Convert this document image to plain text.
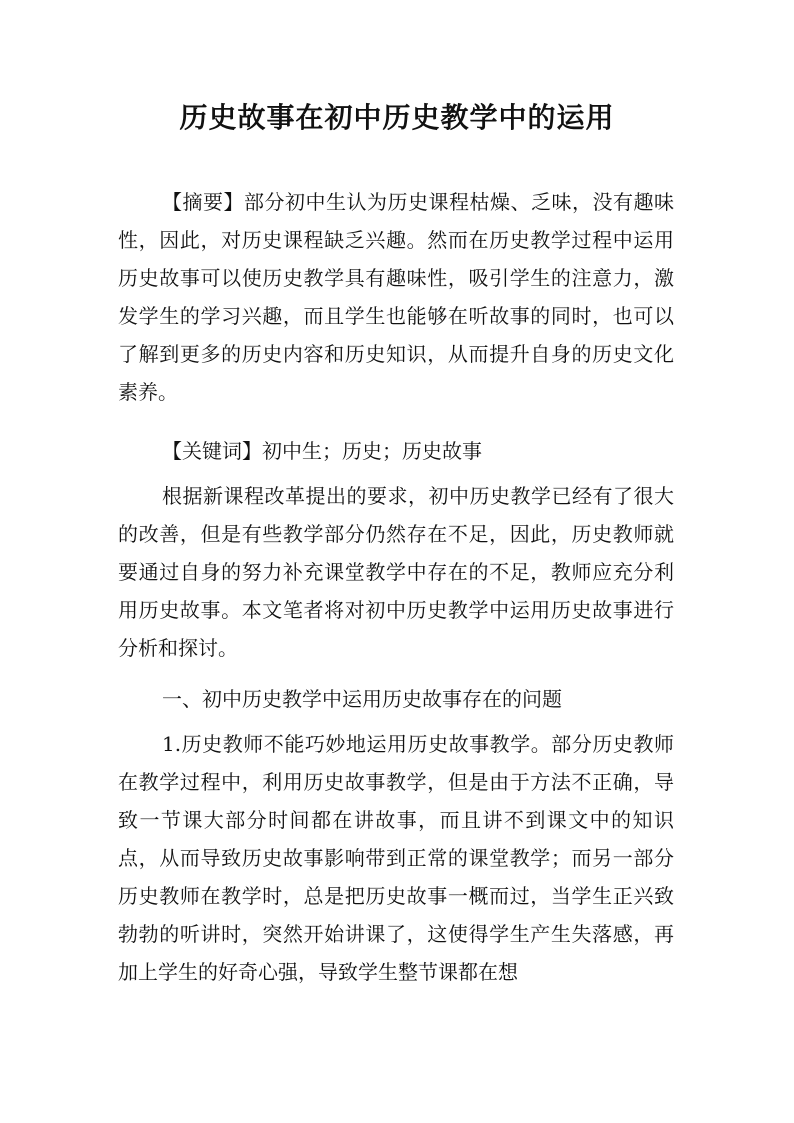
历史故事在初中历史教学中的运用

【摘要】部分初中生认为历史课程枯燥、乏味，没有趣味性，因此，对历史课程缺乏兴趣。然而在历史教学过程中运用历史故事可以使历史教学具有趣味性，吸引学生的注意力，激发学生的学习兴趣，而且学生也能够在听故事的同时，也可以了解到更多的历史内容和历史知识，从而提升自身的历史文化素养。

【关键词】初中生；历史；历史故事

根据新课程改革提出的要求，初中历史教学已经有了很大的改善，但是有些教学部分仍然存在不足，因此，历史教师就要通过自身的努力补充课堂教学中存在的不足，教师应充分利用历史故事。本文笔者将对初中历史教学中运用历史故事进行分析和探讨。

一、初中历史教学中运用历史故事存在的问题

1.历史教师不能巧妙地运用历史故事教学。部分历史教师在教学过程中，利用历史故事教学，但是由于方法不正确，导致一节课大部分时间都在讲故事，而且讲不到课文中的知识点，从而导致历史故事影响带到正常的课堂教学；而另一部分历史教师在教学时，总是把历史故事一概而过，当学生正兴致勃勃的听讲时，突然开始讲课了，这使得学生产生失落感，再加上学生的好奇心强，导致学生整节课都在想
